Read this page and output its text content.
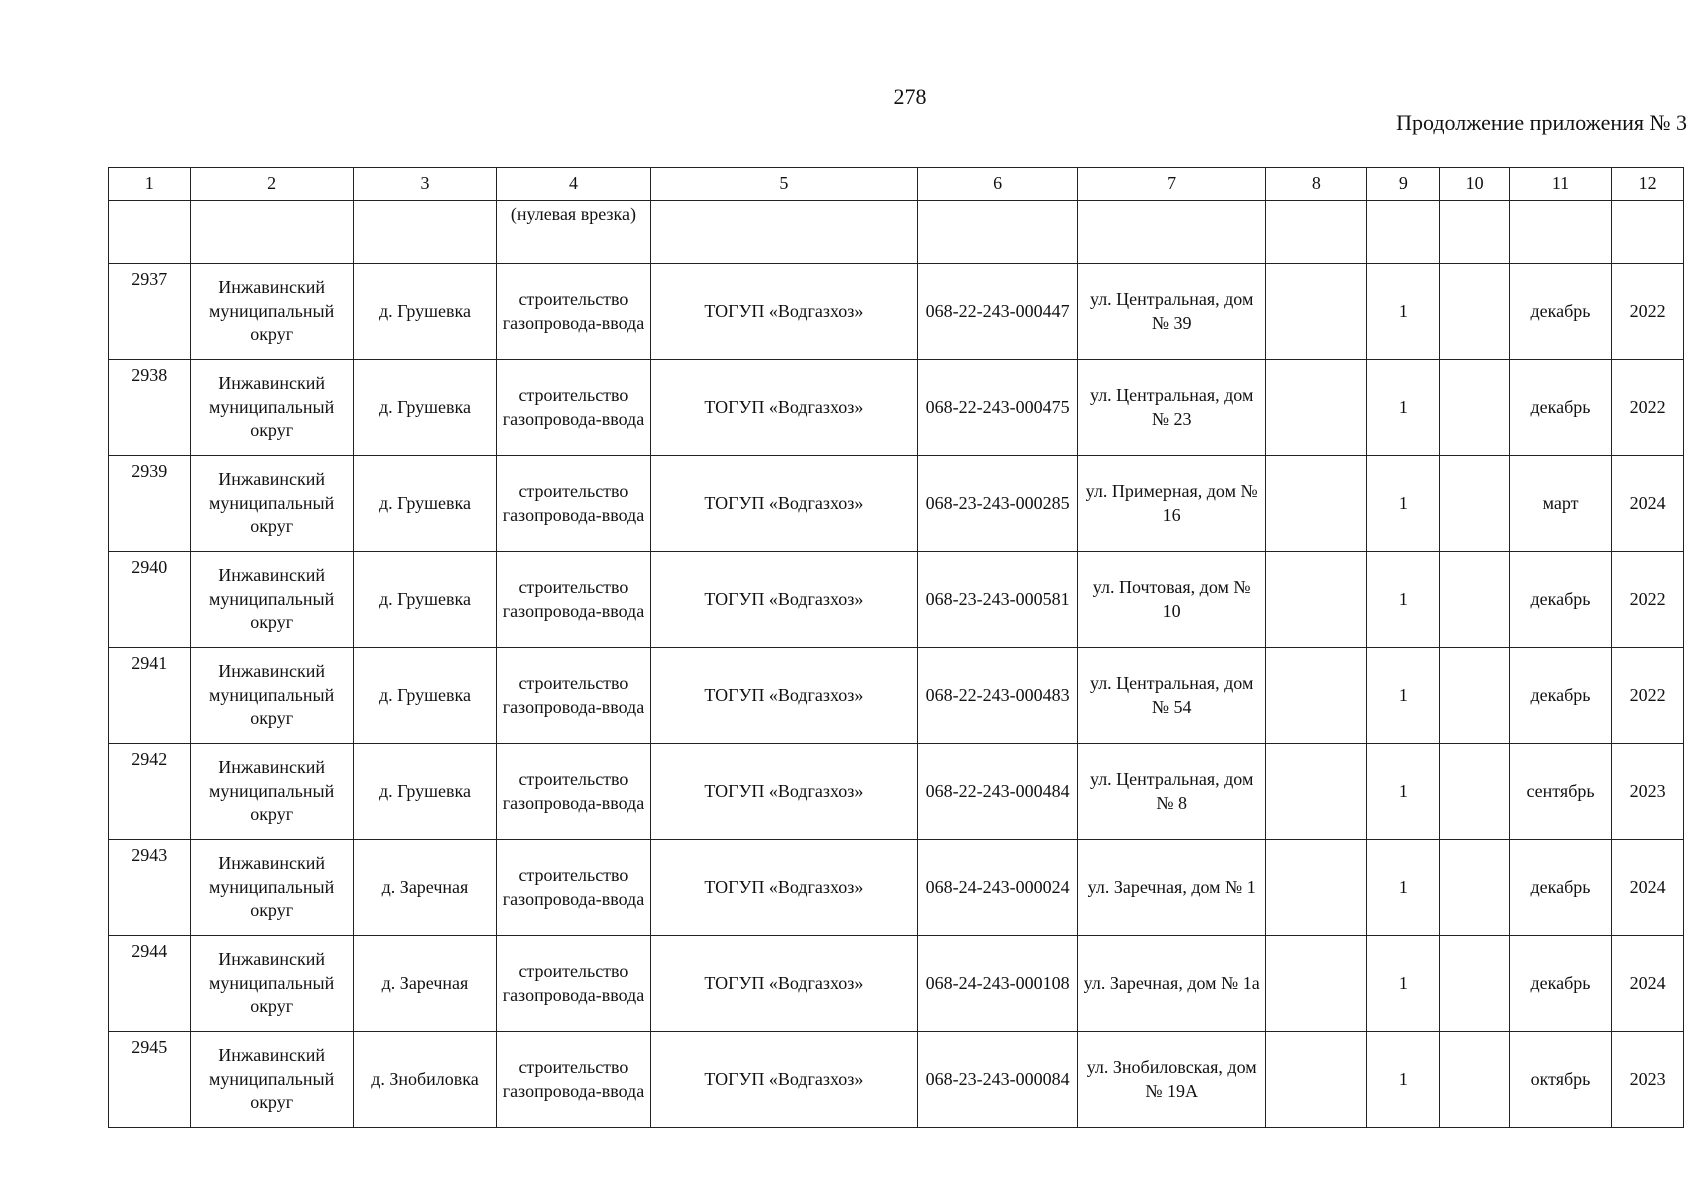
278
Продолжение приложения № 3
1	2	3	4	5	6	7	8	9	10	11	12
			(нулевая врезка)								
2937	Инжавинский муниципальный округ	д. Грушевка	строительство газопровода-ввода	ТОГУП «Водгазхоз»	068-22-243-000447	ул. Центральная, дом № 39		1		декабрь	2022
2938	Инжавинский муниципальный округ	д. Грушевка	строительство газопровода-ввода	ТОГУП «Водгазхоз»	068-22-243-000475	ул. Центральная, дом № 23		1		декабрь	2022
2939	Инжавинский муниципальный округ	д. Грушевка	строительство газопровода-ввода	ТОГУП «Водгазхоз»	068-23-243-000285	ул. Примерная, дом № 16		1		март	2024
2940	Инжавинский муниципальный округ	д. Грушевка	строительство газопровода-ввода	ТОГУП «Водгазхоз»	068-23-243-000581	ул. Почтовая, дом № 10		1		декабрь	2022
2941	Инжавинский муниципальный округ	д. Грушевка	строительство газопровода-ввода	ТОГУП «Водгазхоз»	068-22-243-000483	ул. Центральная, дом № 54		1		декабрь	2022
2942	Инжавинский муниципальный округ	д. Грушевка	строительство газопровода-ввода	ТОГУП «Водгазхоз»	068-22-243-000484	ул. Центральная, дом № 8		1		сентябрь	2023
2943	Инжавинский муниципальный округ	д. Заречная	строительство газопровода-ввода	ТОГУП «Водгазхоз»	068-24-243-000024	ул. Заречная, дом № 1		1		декабрь	2024
2944	Инжавинский муниципальный округ	д. Заречная	строительство газопровода-ввода	ТОГУП «Водгазхоз»	068-24-243-000108	ул. Заречная, дом № 1а		1		декабрь	2024
2945	Инжавинский муниципальный округ	д. Знобиловка	строительство газопровода-ввода	ТОГУП «Водгазхоз»	068-23-243-000084	ул. Знобиловская, дом № 19А		1		октябрь	2023
